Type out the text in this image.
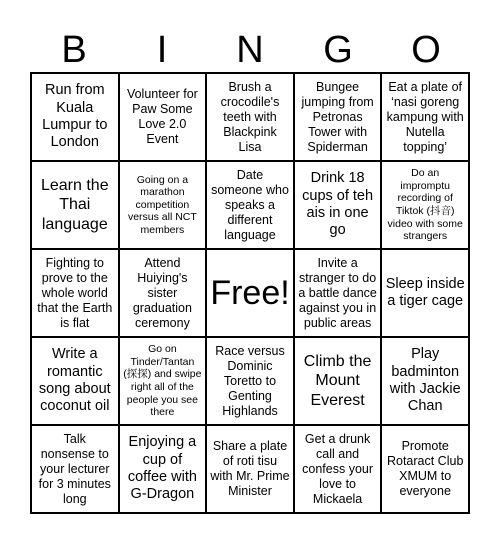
B	I	N	G	O
Run from Kuala Lumpur to London
Volunteer for Paw Some Love 2.0 Event
Brush a crocodile's teeth with Blackpink Lisa
Bungee jumping from Petronas Tower with Spiderman
Eat a plate of ‘nasi goreng kampung with Nutella topping’
Learn the Thai language
Going on a marathon competition versus all NCT members
Date someone who speaks a different language
Drink 18 cups of teh ais in one go
Do an impromptu recording of Tiktok (抖音) video with some strangers
Fighting to prove to the whole world that the Earth is flat
Attend Huiying's sister graduation ceremony
Free!
Invite a stranger to do a battle dance against you in public areas
Sleep inside a tiger cage
Write a romantic song about coconut oil
Go on Tinder/Tantan (探探) and swipe right all of the people you see there
Race versus Dominic Toretto to Genting Highlands
Climb the Mount Everest
Play badminton with Jackie Chan
Talk nonsense to your lecturer for 3 minutes long
Enjoying a cup of coffee with G-Dragon
Share a plate of roti tisu with Mr. Prime Minister
Get a drunk call and confess your love to Mickaela
Promote Rotaract Club XMUM to everyone
